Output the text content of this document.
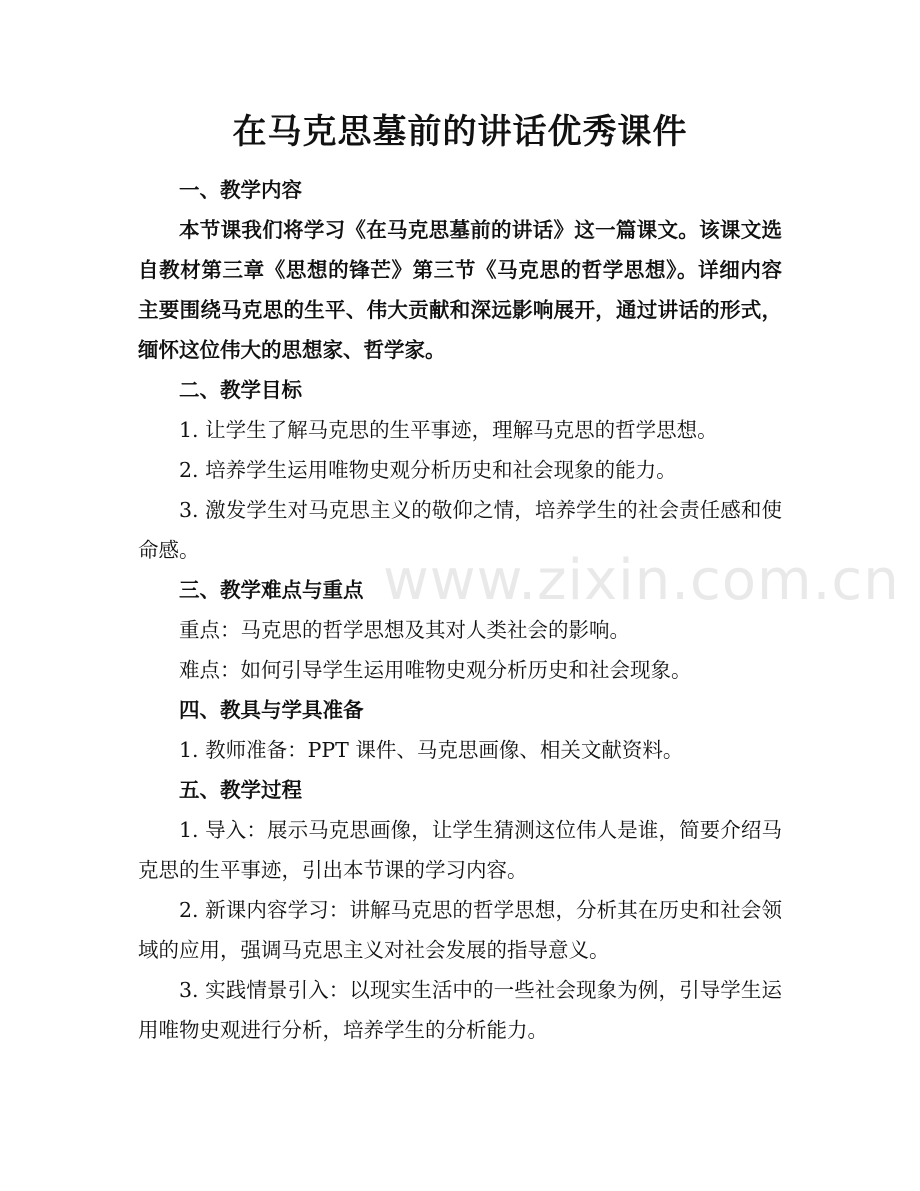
在马克思墓前的讲话优秀课件

一、教学内容

本节课我们将学习《在马克思墓前的讲话》这一篇课文。该课文选自教材第三章《思想的锋芒》第三节《马克思的哲学思想》。详细内容主要围绕马克思的生平、伟大贡献和深远影响展开，通过讲话的形式，缅怀这位伟大的思想家、哲学家。

二、教学目标

1. 让学生了解马克思的生平事迹，理解马克思的哲学思想。

2. 培养学生运用唯物史观分析历史和社会现象的能力。

3. 激发学生对马克思主义的敬仰之情，培养学生的社会责任感和使命感。

三、教学难点与重点

重点：马克思的哲学思想及其对人类社会的影响。

难点：如何引导学生运用唯物史观分析历史和社会现象。

四、教具与学具准备

1. 教师准备：PPT 课件、马克思画像、相关文献资料。

五、教学过程

1. 导入：展示马克思画像，让学生猜测这位伟人是谁，简要介绍马克思的生平事迹，引出本节课的学习内容。

2. 新课内容学习：讲解马克思的哲学思想，分析其在历史和社会领域的应用，强调马克思主义对社会发展的指导意义。

3. 实践情景引入：以现实生活中的一些社会现象为例，引导学生运用唯物史观进行分析，培养学生的分析能力。

www.zixin.com.cn
